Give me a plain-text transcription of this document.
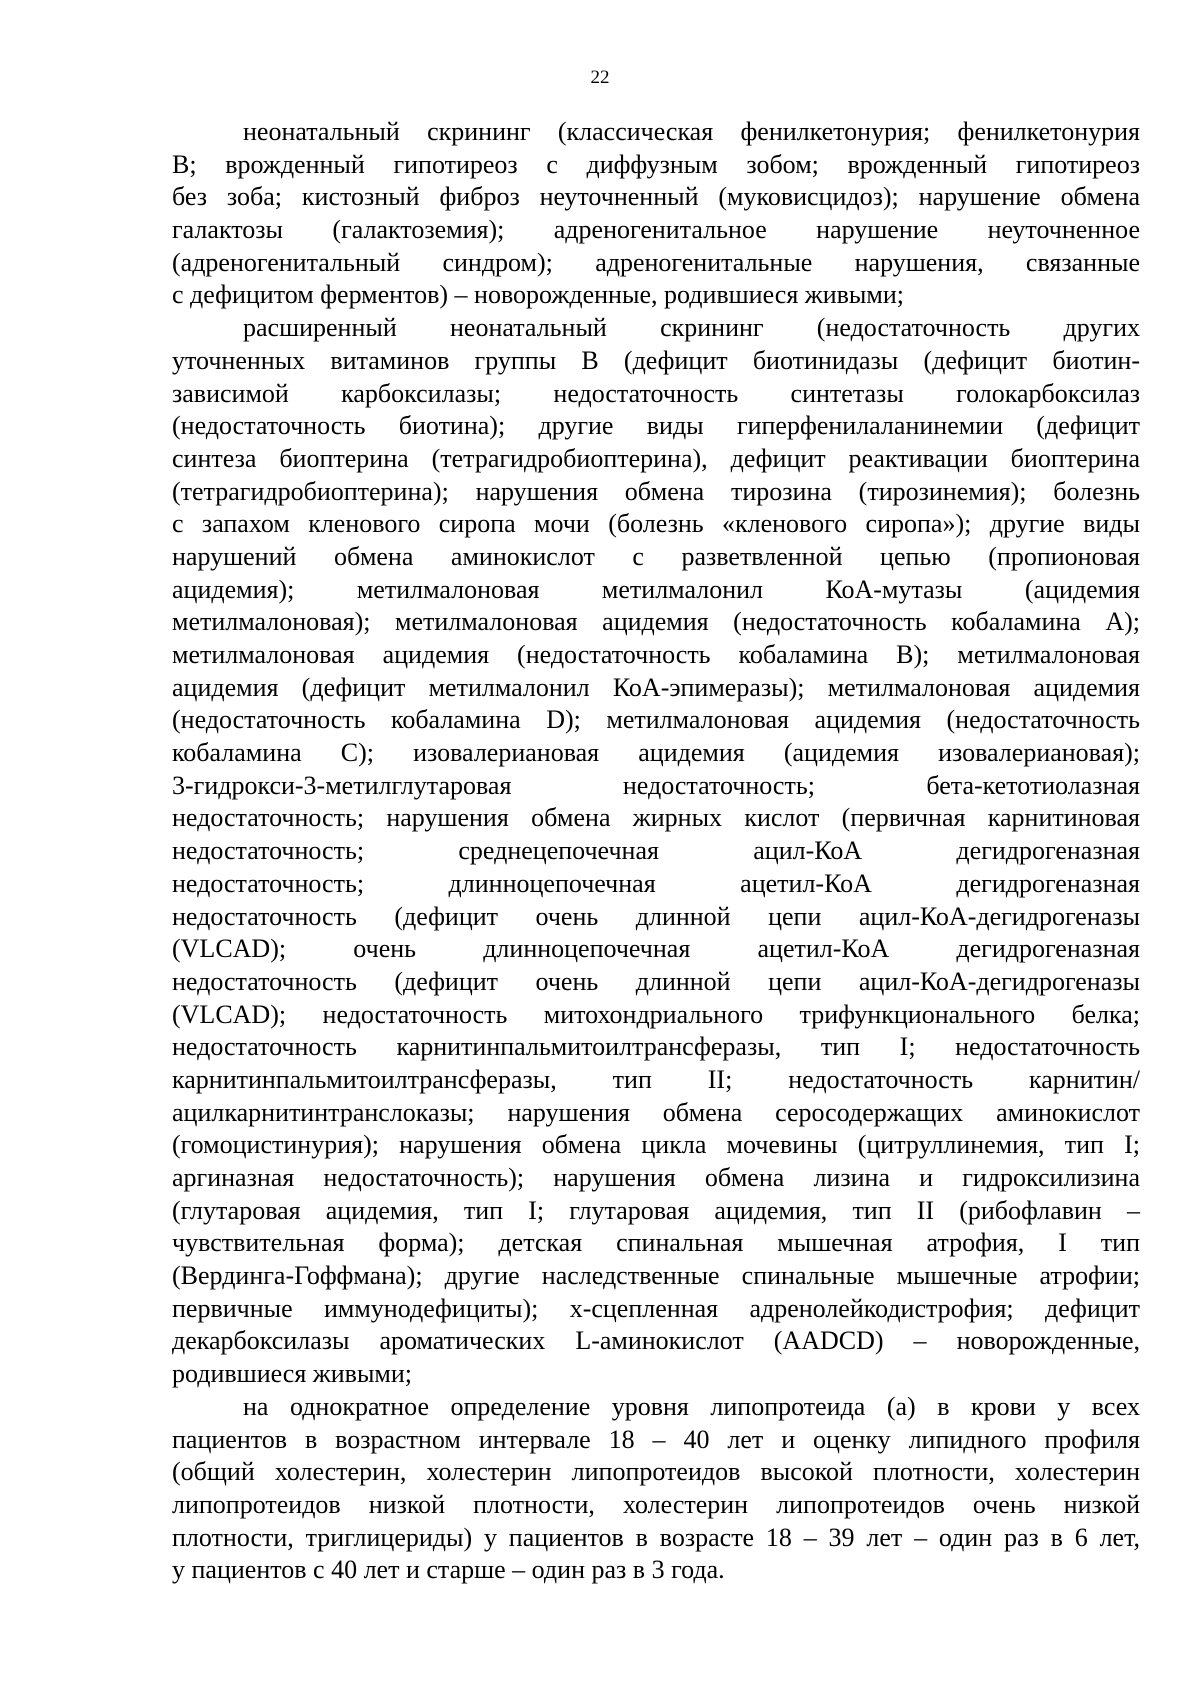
22
неонатальный скрининг (классическая фенилкетонурия; фенилкетонурия
В; врожденный гипотиреоз с диффузным зобом; врожденный гипотиреоз
без зоба; кистозный фиброз неуточненный (муковисцидоз); нарушение обмена
галактозы (галактоземия); адреногенитальное нарушение неуточненное
(адреногенитальный синдром); адреногенитальные нарушения, связанные
с дефицитом ферментов) – новорожденные, родившиеся живыми;
расширенный неонатальный скрининг (недостаточность других
уточненных витаминов группы В (дефицит биотинидазы (дефицит биотин-
зависимой карбоксилазы; недостаточность синтетазы голокарбоксилаз
(недостаточность биотина); другие виды гиперфенилаланинемии (дефицит
синтеза биоптерина (тетрагидробиоптерина), дефицит реактивации биоптерина
(тетрагидробиоптерина); нарушения обмена тирозина (тирозинемия); болезнь
с запахом кленового сиропа мочи (болезнь «кленового сиропа»); другие виды
нарушений обмена аминокислот с разветвленной цепью (пропионовая
ацидемия); метилмалоновая метилмалонил КоА-мутазы (ацидемия
метилмалоновая); метилмалоновая ацидемия (недостаточность кобаламина А);
метилмалоновая ацидемия (недостаточность кобаламина В); метилмалоновая
ацидемия (дефицит метилмалонил КоА-эпимеразы); метилмалоновая ацидемия
(недостаточность кобаламина D); метилмалоновая ацидемия (недостаточность
кобаламина С); изовалериановая ацидемия (ацидемия изовалериановая);
3-гидрокси-3-метилглутаровая недостаточность; бета-кетотиолазная
недостаточность; нарушения обмена жирных кислот (первичная карнитиновая
недостаточность; среднецепочечная ацил-КоА дегидрогеназная
недостаточность; длинноцепочечная ацетил-КоА дегидрогеназная
недостаточность (дефицит очень длинной цепи ацил-КоА-дегидрогеназы
(VLCAD); очень длинноцепочечная ацетил-КоА дегидрогеназная
недостаточность (дефицит очень длинной цепи ацил-КоА-дегидрогеназы
(VLCAD); недостаточность митохондриального трифункционального белка;
недостаточность карнитинпальмитоилтрансферазы, тип I; недостаточность
карнитинпальмитоилтрансферазы, тип II; недостаточность карнитин/
ацилкарнитинтранслоказы; нарушения обмена серосодержащих аминокислот
(гомоцистинурия); нарушения обмена цикла мочевины (цитруллинемия, тип I;
аргиназная недостаточность); нарушения обмена лизина и гидроксилизина
(глутаровая ацидемия, тип I; глутаровая ацидемия, тип II (рибофлавин –
чувствительная форма); детская спинальная мышечная атрофия, I тип
(Вердинга-Гоффмана); другие наследственные спинальные мышечные атрофии;
первичные иммунодефициты); х-сцепленная адренолейкодистрофия; дефицит
декарбоксилазы ароматических L-аминокислот (AADCD) – новорожденные,
родившиеся живыми;
на однократное определение уровня липопротеида (а) в крови у всех
пациентов в возрастном интервале 18 – 40 лет и оценку липидного профиля
(общий холестерин, холестерин липопротеидов высокой плотности, холестерин
липопротеидов низкой плотности, холестерин липопротеидов очень низкой
плотности, триглицериды) у пациентов в возрасте 18 – 39 лет – один раз в 6 лет,
у пациентов с 40 лет и старше – один раз в 3 года.
